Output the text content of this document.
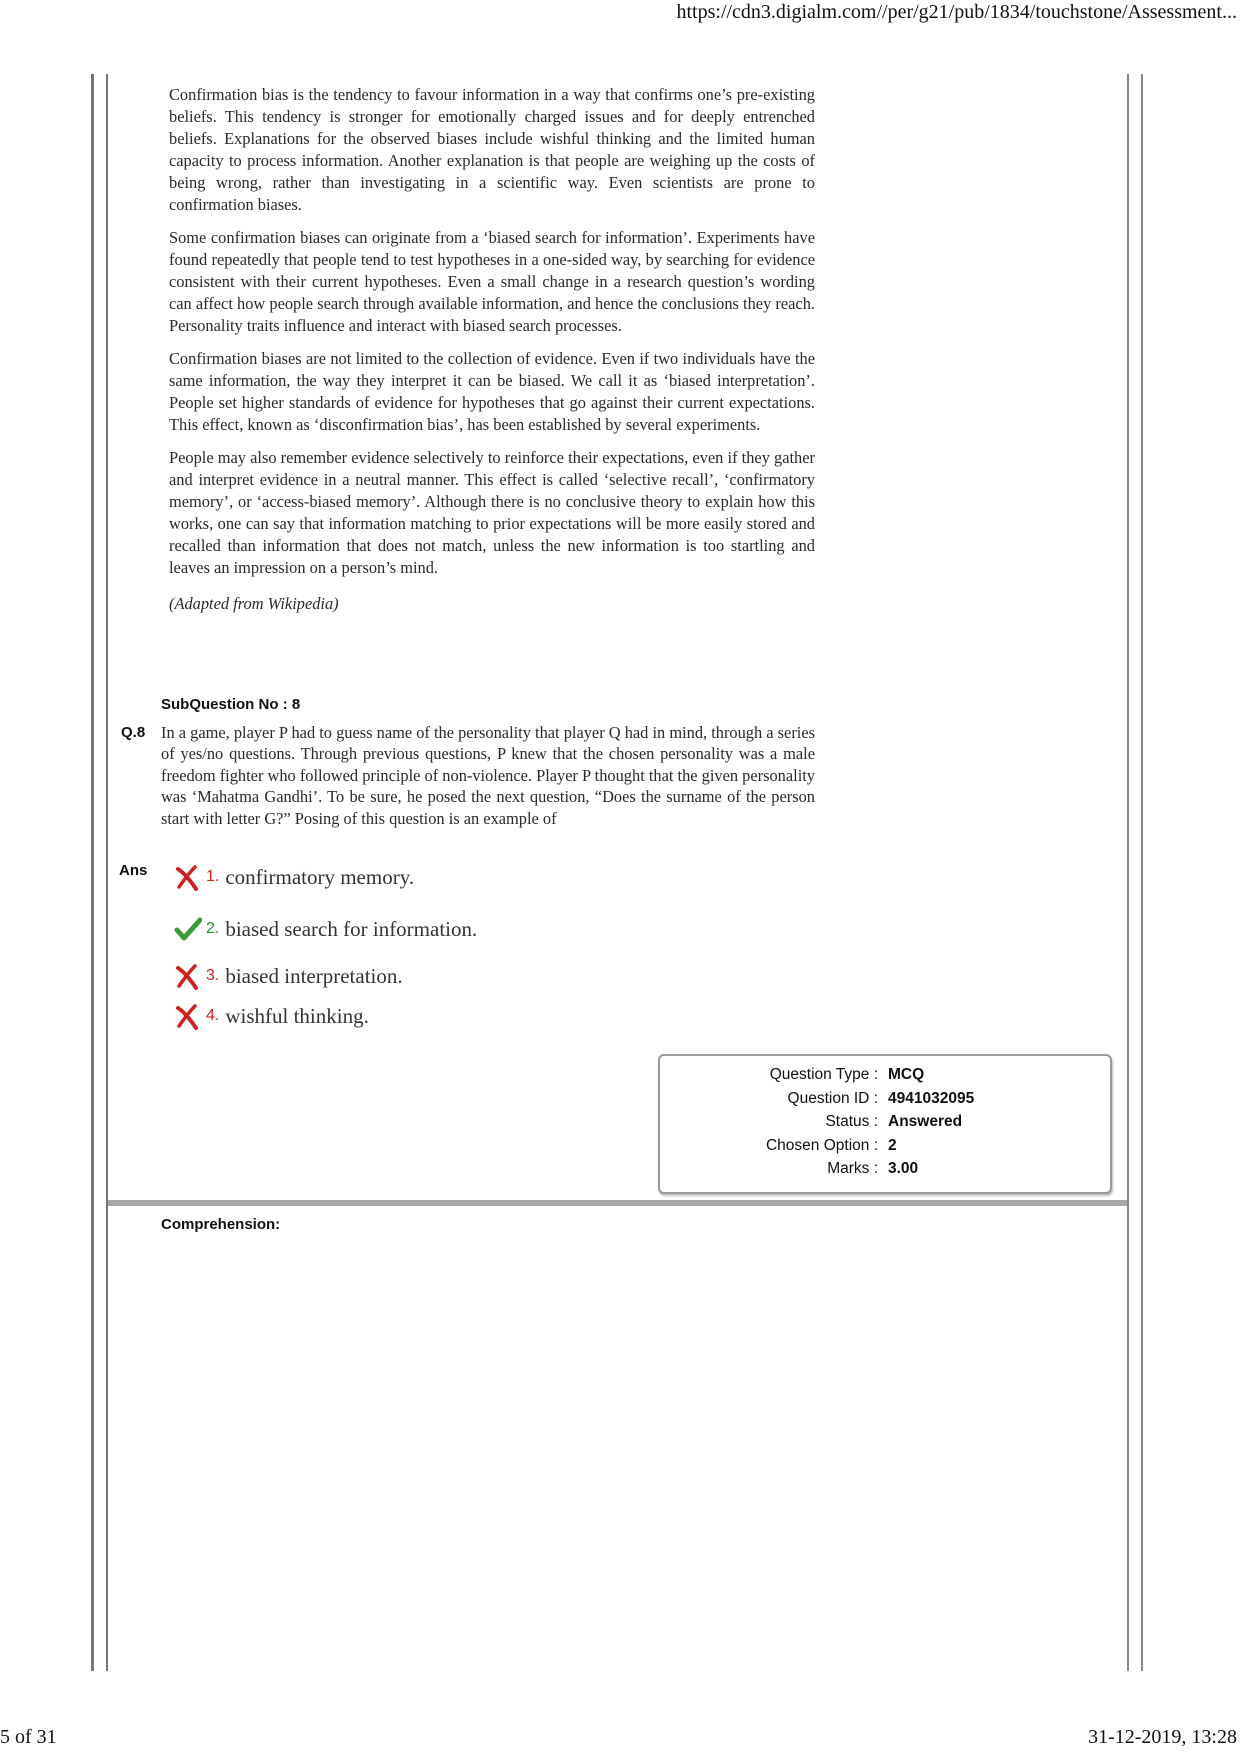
https://cdn3.digialm.com//per/g21/pub/1834/touchstone/Assessment...

Confirmation bias is the tendency to favour information in a way that confirms one’s pre-existing beliefs. This tendency is stronger for emotionally charged issues and for deeply entrenched beliefs. Explanations for the observed biases include wishful thinking and the limited human capacity to process information. Another explanation is that people are weighing up the costs of being wrong, rather than investigating in a scientific way. Even scientists are prone to confirmation biases.

Some confirmation biases can originate from a ‘biased search for information’. Experiments have found repeatedly that people tend to test hypotheses in a one-sided way, by searching for evidence consistent with their current hypotheses. Even a small change in a research question’s wording can affect how people search through available information, and hence the conclusions they reach. Personality traits influence and interact with biased search processes.

Confirmation biases are not limited to the collection of evidence. Even if two individuals have the same information, the way they interpret it can be biased. We call it as ‘biased interpretation’. People set higher standards of evidence for hypotheses that go against their current expectations. This effect, known as ‘disconfirmation bias’, has been established by several experiments.

People may also remember evidence selectively to reinforce their expectations, even if they gather and interpret evidence in a neutral manner. This effect is called ‘selective recall’, ‘confirmatory memory’, or ‘access-biased memory’. Although there is no conclusive theory to explain how this works, one can say that information matching to prior expectations will be more easily stored and recalled than information that does not match, unless the new information is too startling and leaves an impression on a person’s mind.

(Adapted from Wikipedia)

SubQuestion No : 8
Q.8 In a game, player P had to guess name of the personality that player Q had in mind, through a series of yes/no questions. Through previous questions, P knew that the chosen personality was a male freedom fighter who followed principle of non-violence. Player P thought that the given personality was ‘Mahatma Gandhi’. To be sure, he posed the next question, “Does the surname of the person start with letter G?” Posing of this question is an example of
Ans	1. confirmatory memory.
2. biased search for information.
3. biased interpretation.
4. wishful thinking.
Question Type : MCQ
Question ID : 4941032095
Status : Answered
Chosen Option : 2
Marks : 3.00
Comprehension:
5 of 31	31-12-2019, 13:28
